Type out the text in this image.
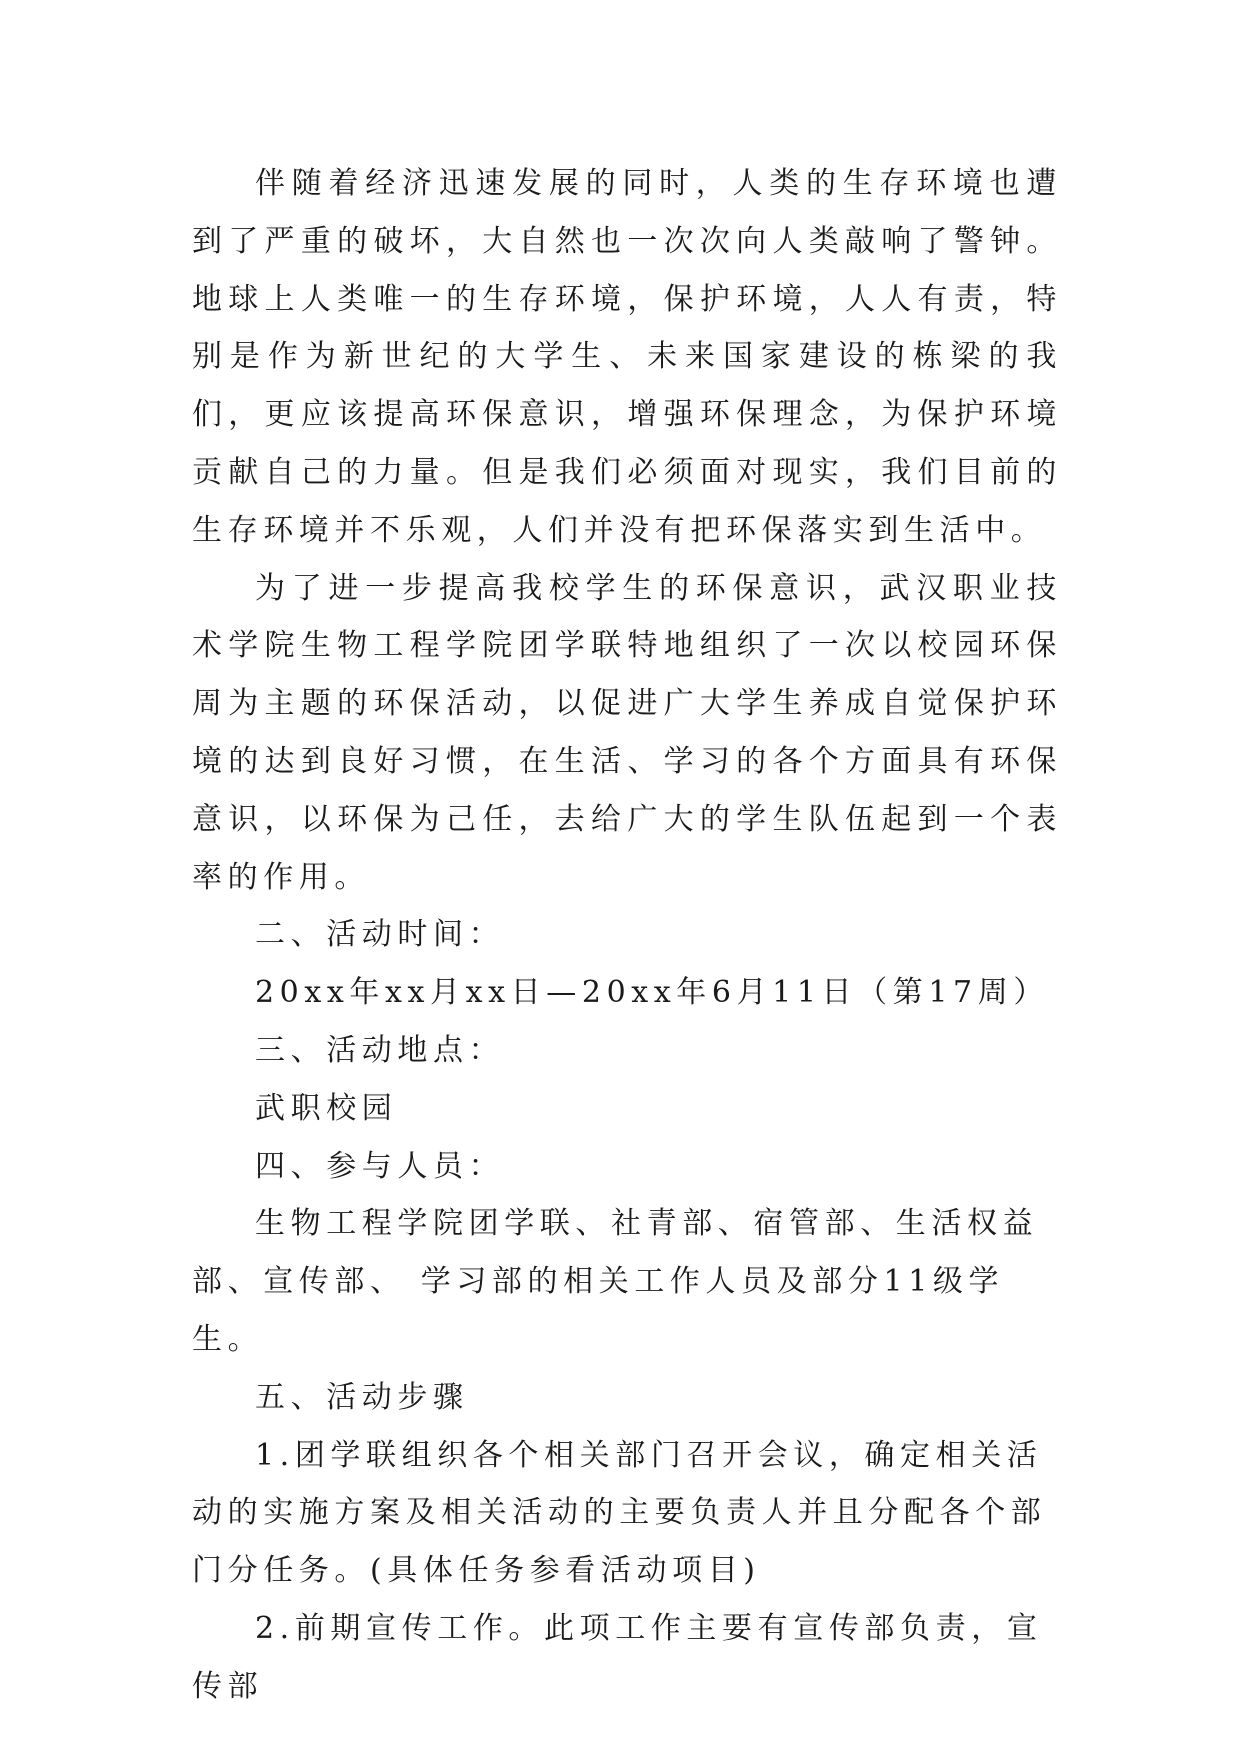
伴随着经济迅速发展的同时，人类的生存环境也遭到了严重的破坏，大自然也一次次向人类敲响了警钟。地球上人类唯一的生存环境，保护环境，人人有责，特别是作为新世纪的大学生、未来国家建设的栋梁的我们，更应该提高环保意识，增强环保理念，为保护环境贡献自己的力量。但是我们必须面对现实，我们目前的生存环境并不乐观，人们并没有把环保落实到生活中。

为了进一步提高我校学生的环保意识，武汉职业技术学院生物工程学院团学联特地组织了一次以校园环保周为主题的环保活动，以促进广大学生养成自觉保护环境的达到良好习惯，在生活、学习的各个方面具有环保意识，以环保为己任，去给广大的学生队伍起到一个表率的作用。

二、活动时间：

20xx年xx月xx日—20xx年6月11日（第17周）

三、活动地点：

武职校园

四、参与人员：

生物工程学院团学联、社青部、宿管部、生活权益部、宣传部、 学习部的相关工作人员及部分11级学生。

五、活动步骤

1.团学联组织各个相关部门召开会议，确定相关活动的实施方案及相关活动的主要负责人并且分配各个部门分任务。(具体任务参看活动项目)

2.前期宣传工作。此项工作主要有宣传部负责，宣传部
